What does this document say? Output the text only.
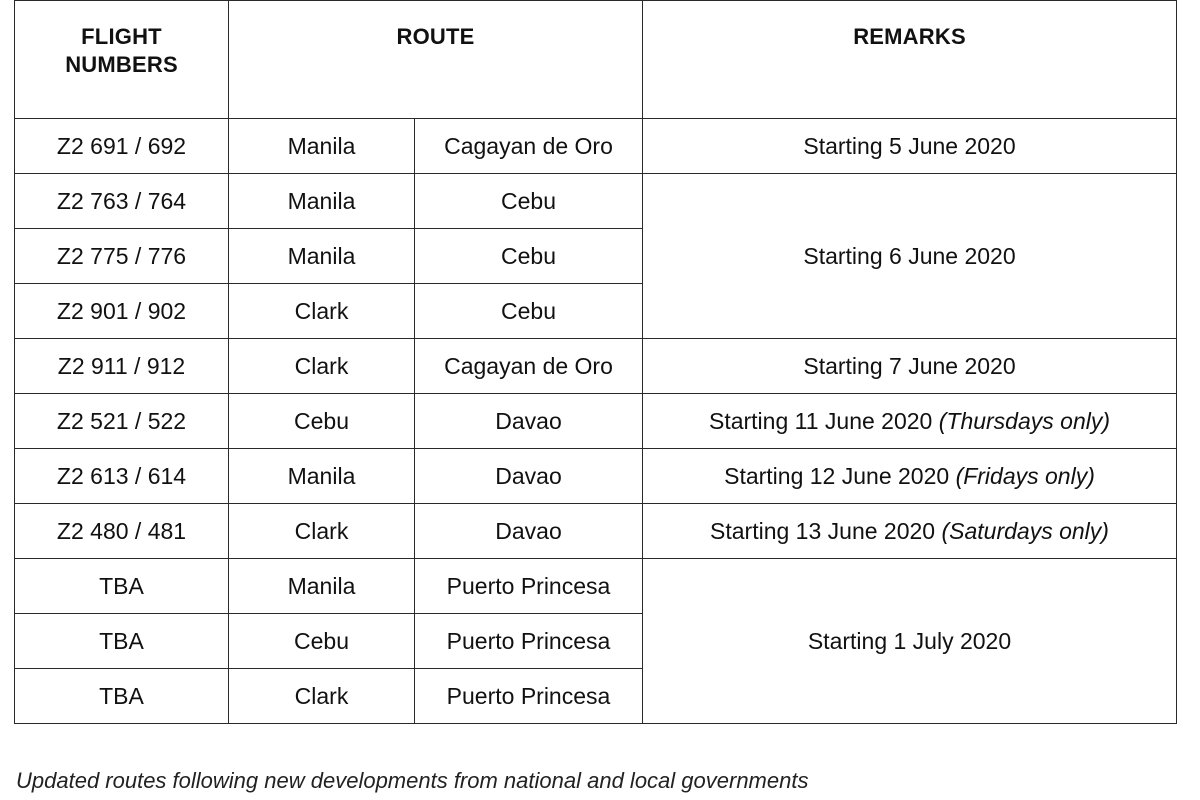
FLIGHT
NUMBERS	ROUTE		REMARKS
Z2 691 / 692	Manila	Cagayan de Oro	Starting 5 June 2020
Z2 763 / 764	Manila	Cebu	Starting 6 June 2020
Z2 775 / 776	Manila	Cebu	
Z2 901 / 902	Clark	Cebu	
Z2 911 / 912	Clark	Cagayan de Oro	Starting 7 June 2020
Z2 521 / 522	Cebu	Davao	Starting 11 June 2020 (Thursdays only)
Z2 613 / 614	Manila	Davao	Starting 12 June 2020 (Fridays only)
Z2 480 / 481	Clark	Davao	Starting 13 June 2020 (Saturdays only)
TBA	Manila	Puerto Princesa	Starting 1 July 2020
TBA	Cebu	Puerto Princesa	
TBA	Clark	Puerto Princesa	
Updated routes following new developments from national and local governments
